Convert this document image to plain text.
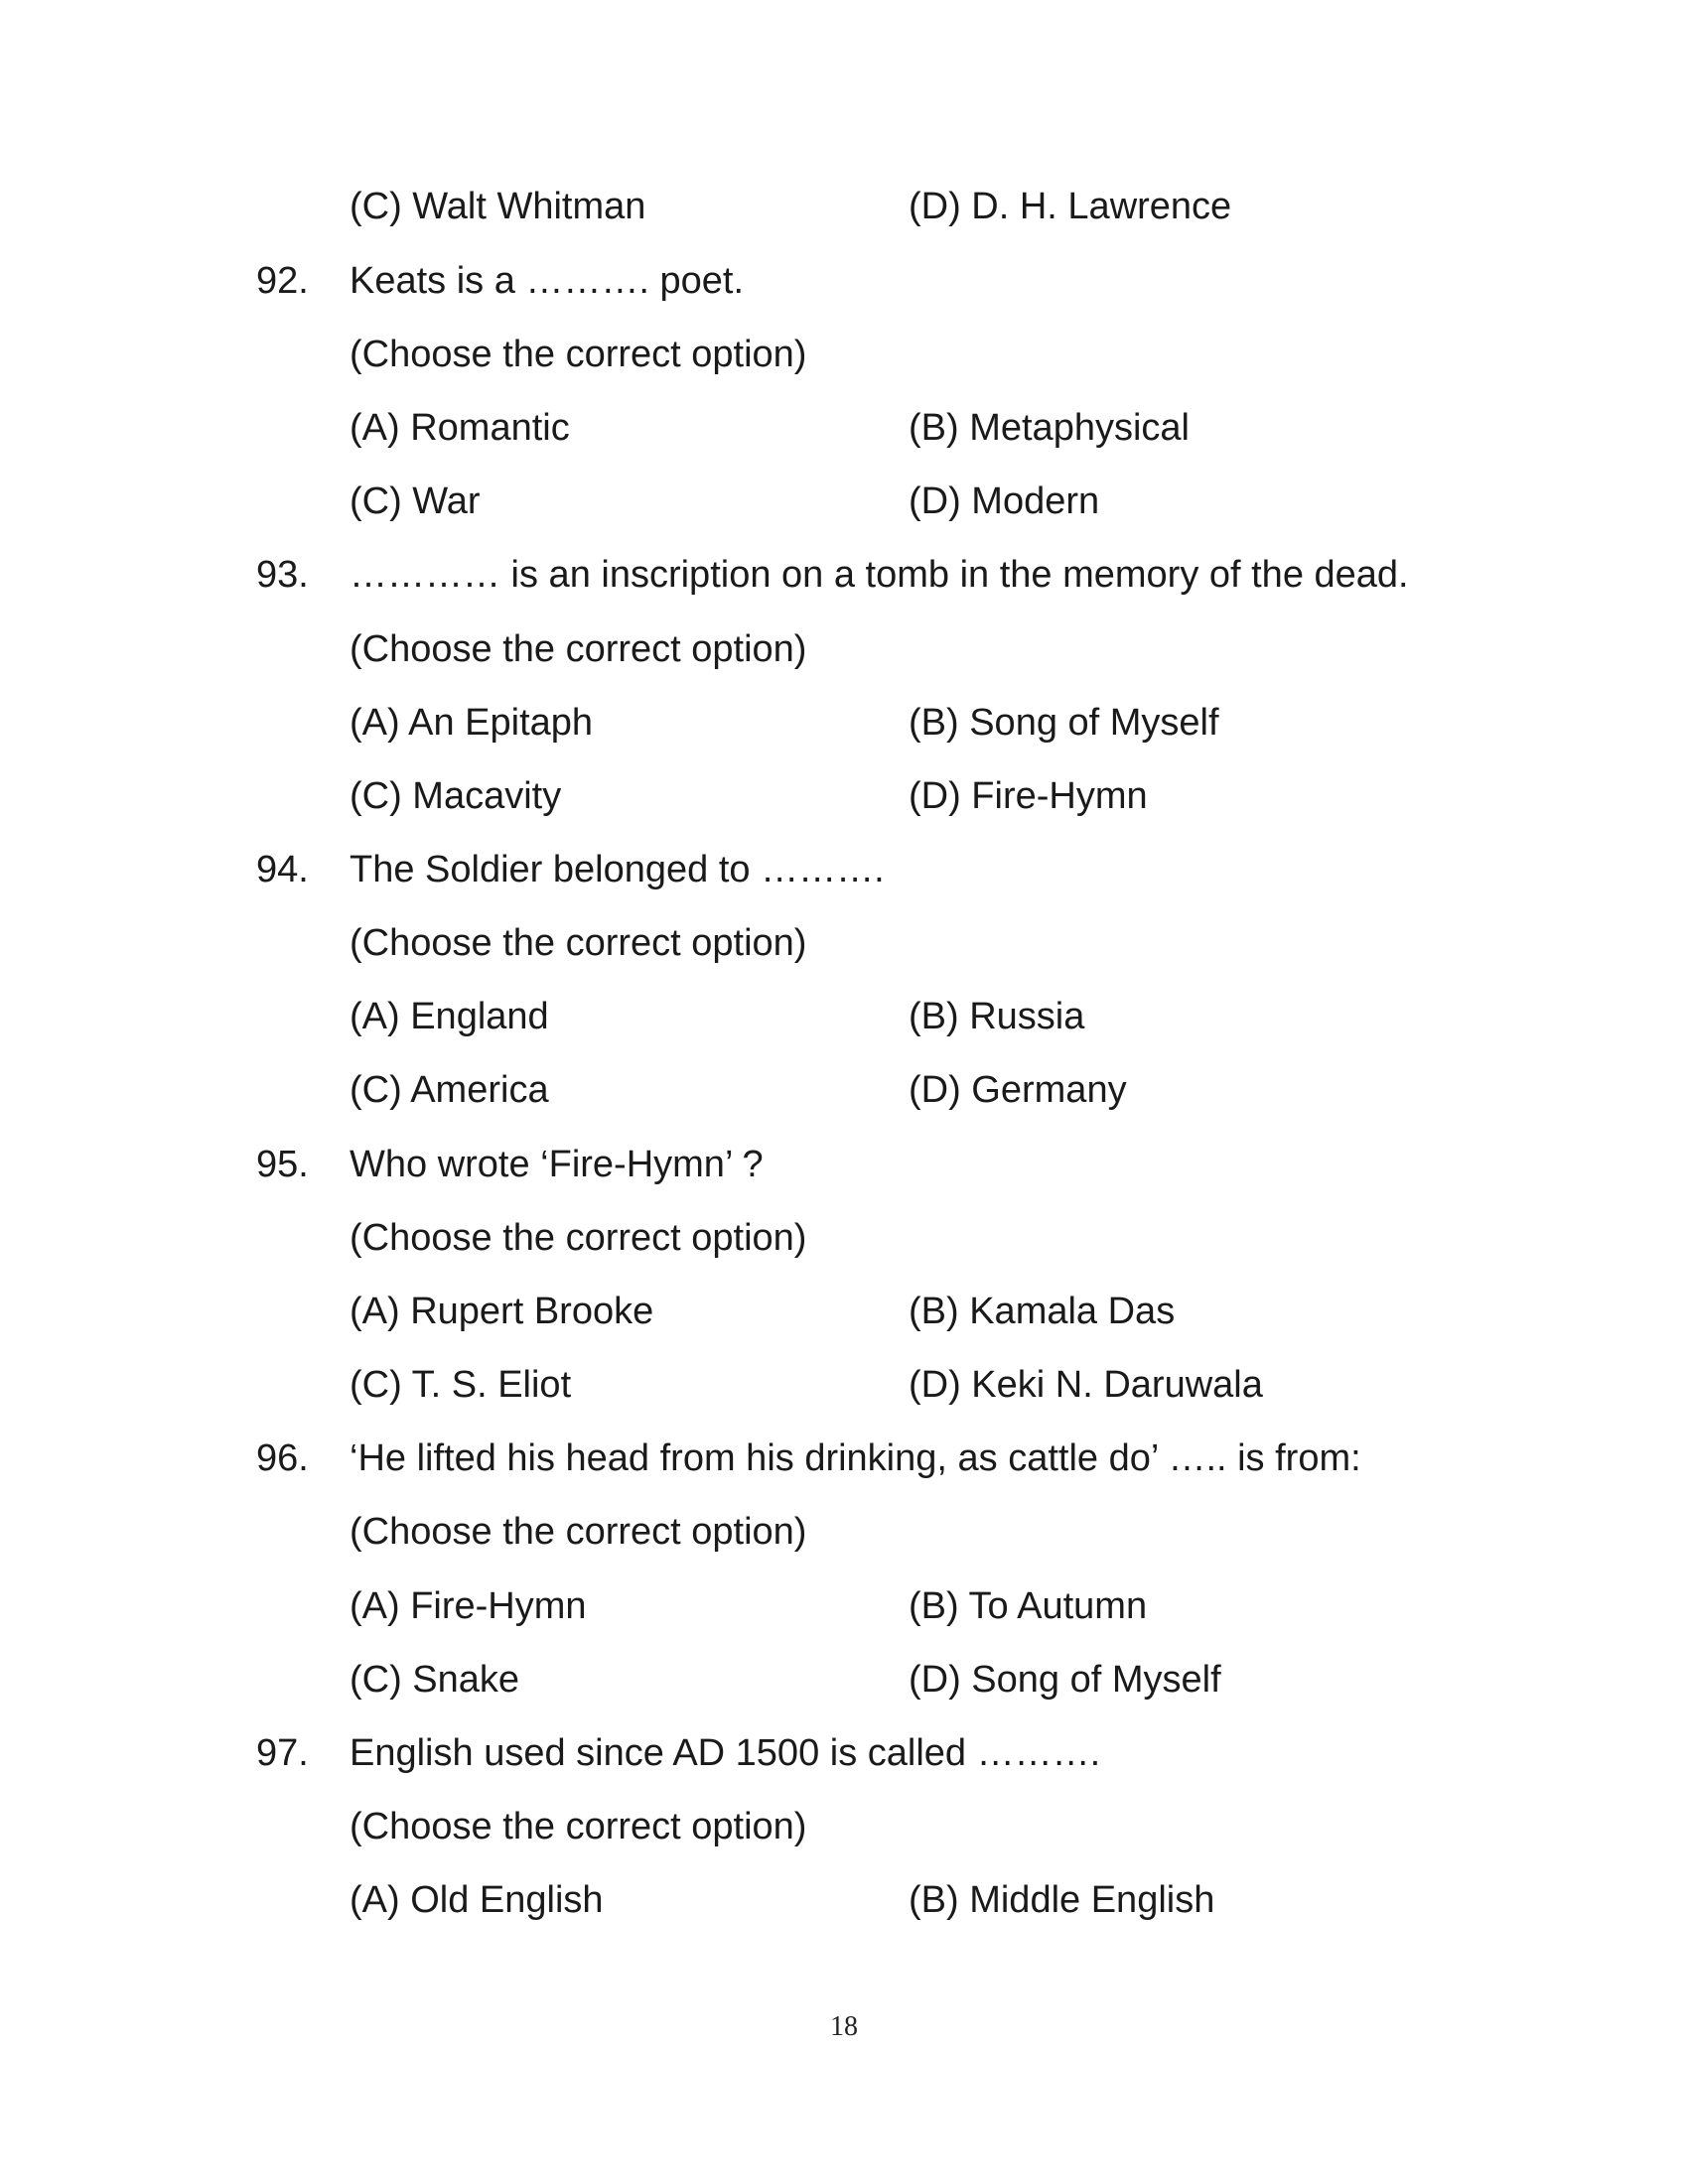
(C) Walt Whitman	(D) D. H. Lawrence
92. Keats is a ………. poet.
(Choose the correct option)
(A) Romantic	(B) Metaphysical
(C) War	(D) Modern
93. ………… is an inscription on a tomb in the memory of the dead.
(Choose the correct option)
(A) An Epitaph	(B) Song of Myself
(C) Macavity	(D) Fire-Hymn
94. The Soldier belonged to ……….
(Choose the correct option)
(A) England	(B) Russia
(C) America	(D) Germany
95. Who wrote ‘Fire-Hymn’ ?
(Choose the correct option)
(A) Rupert Brooke	(B) Kamala Das
(C) T. S. Eliot	(D) Keki N. Daruwala
96. ‘He lifted his head from his drinking, as cattle do’ ….. is from:
(Choose the correct option)
(A) Fire-Hymn	(B) To Autumn
(C) Snake	(D) Song of Myself
97. English used since AD 1500 is called ……….
(Choose the correct option)
(A) Old English	(B) Middle English
18
